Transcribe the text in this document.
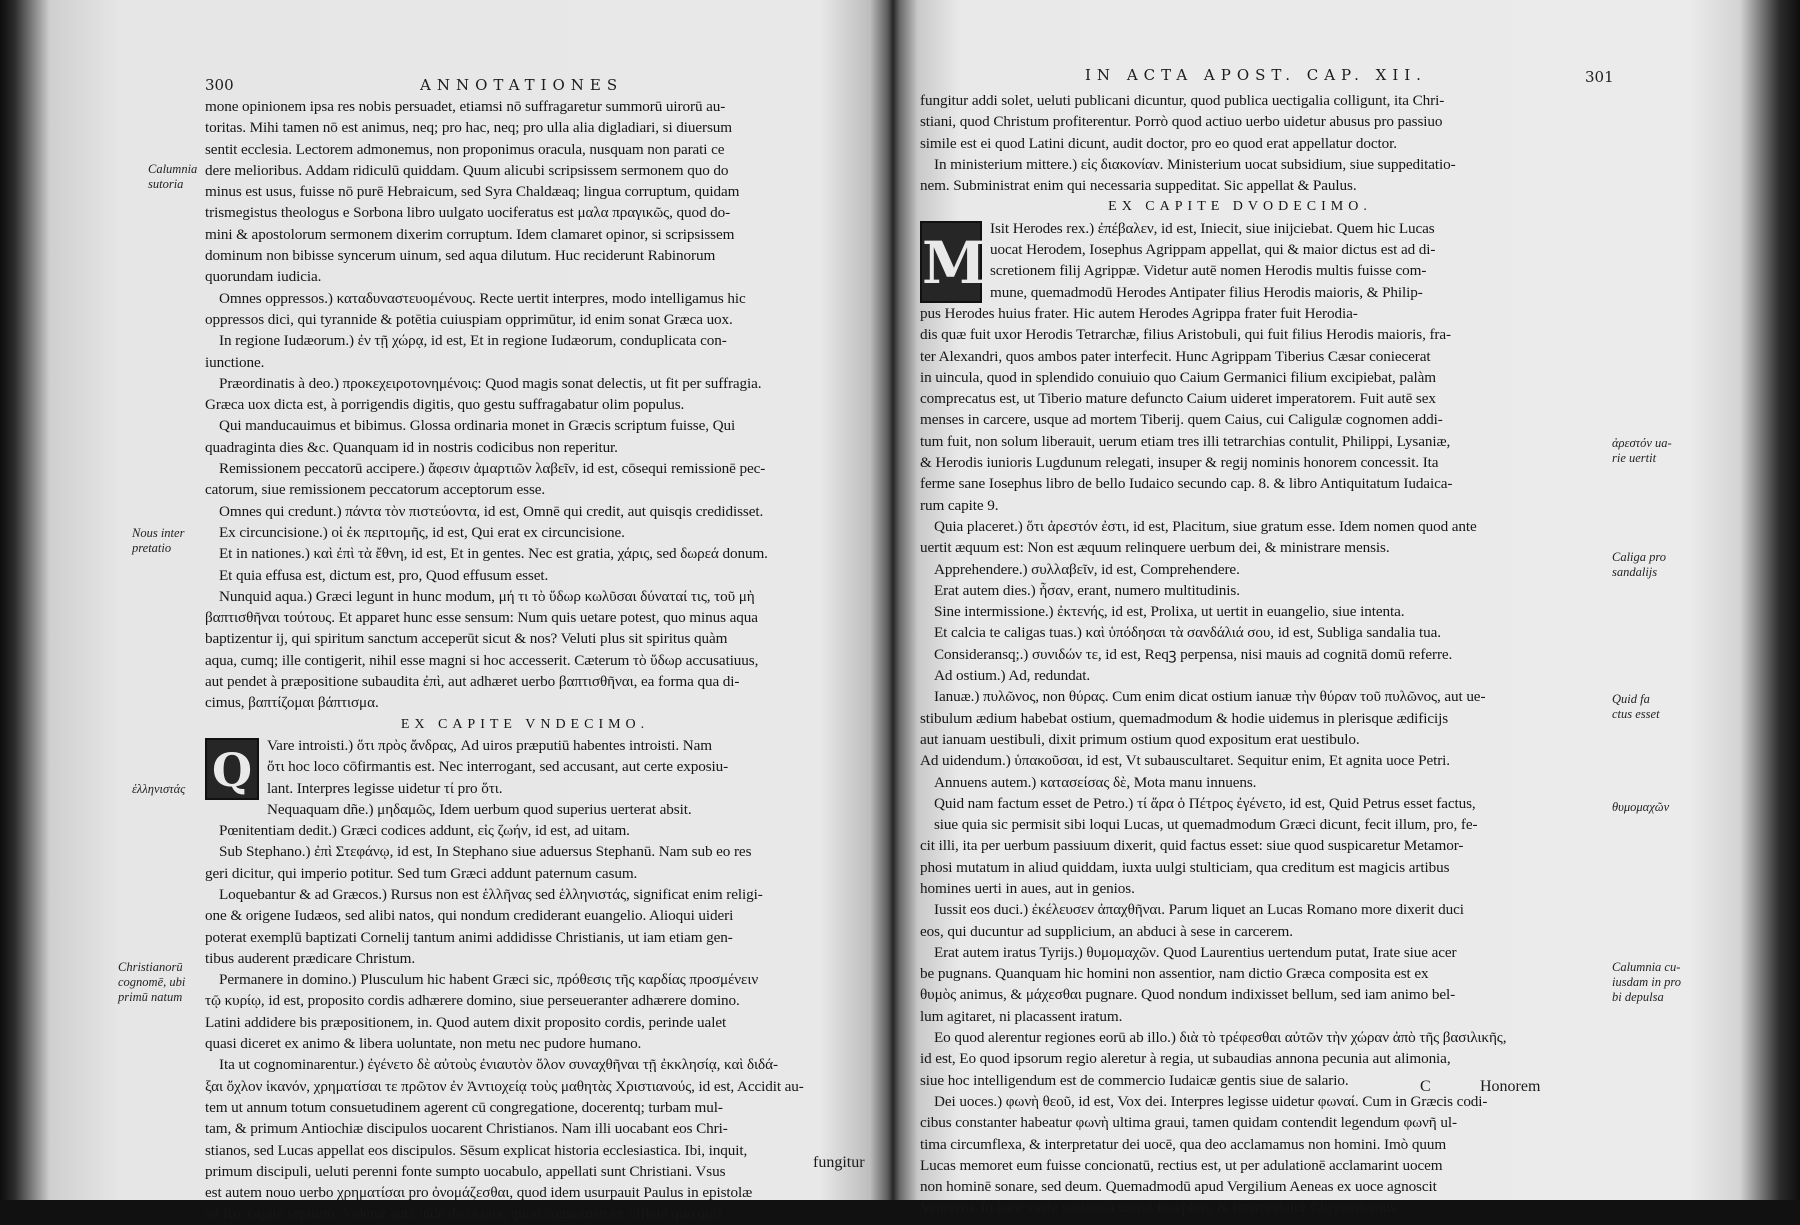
300	ANNOTATIONES
mone opinionem ipsa res nobis persuadet, etiamsi nō suffragaretur summorū uirorū au-
toritas. Mihi tamen nō est animus, neq; pro hac, neq; pro ulla alia digladiari, si diuersum
sentit ecclesia. Lectorem admonemus, non proponimus oracula, nusquam non parati ce
dere melioribus. Addam ridiculū quiddam. Quum alicubi scripsissem sermonem quo do
minus est usus, fuisse nō purē Hebraicum, sed Syra Chaldæaq; lingua corruptum, quidam
trismegistus theologus e Sorbona libro uulgato uociferatus est μαλα πραγικῶς, quod do-
mini & apostolorum sermonem dixerim corruptum. Idem clamaret opinor, si scripsissem
dominum non bibisse syncerum uinum, sed aqua dilutum. Huc reciderunt Rabinorum
quorundam iudicia.
Omnes oppressos.) καταδυναστευομένους. Recte uertit interpres, modo intelligamus hic
oppressos dici, qui tyrannide & potētia cuiuspiam opprimūtur, id enim sonat Græca uox.
In regione Iudæorum.) ἐν τῇ χώρᾳ, id est, Et in regione Iudæorum, conduplicata con-
iunctione.
Præordinatis à deo.) προκεχειροτονημένοις: Quod magis sonat delectis, ut fit per suffragia.
Græca uox dicta est, à porrigendis digitis, quo gestu suffragabatur olim populus.
Qui manducauimus et bibimus. Glossa ordinaria monet in Græcis scriptum fuisse, Qui
quadraginta dies &c. Quanquam id in nostris codicibus non reperitur.
Remissionem peccatorū accipere.) ἄφεσιν ἁμαρτιῶν λαβεῖν, id est, cōsequi remissionē pec-
catorum, siue remissionem peccatorum acceptorum esse.
Omnes qui credunt.) πάντα τὸν πιστεύοντα, id est, Omnē qui credit, aut quisqis credidisset.
Ex circuncisione.) οἱ ἐκ περιτομῆς, id est, Qui erat ex circuncisione.
Et in nationes.) καὶ ἐπὶ τὰ ἔθνη, id est, Et in gentes. Nec est gratia, χάρις, sed δωρεά donum.
Et quia effusa est, dictum est, pro, Quod effusum esset.
Nunquid aqua.) Græci legunt in hunc modum, μή τι τὸ ὕδωρ κωλῦσαι δύναταί τις, τοῦ μὴ
βαπτισθῆναι τούτους. Et apparet hunc esse sensum: Num quis uetare potest, quo minus aqua
baptizentur ij, qui spiritum sanctum acceperūt sicut & nos? Veluti plus sit spiritus quàm
aqua, cumq; ille contigerit, nihil esse magni si hoc accesserit. Cæterum τὸ ὕδωρ accusatiuus,
aut pendet à præpositione subaudita ἐπὶ, aut adhæret uerbo βαπτισθῆναι, ea forma qua di-
cimus, βαπτίζομαι βάπτισμα.
EX CAPITE VNDECIMO.
Q Vare introisti.) ὅτι πρὸς ἄνδρας, Ad uiros præputiū habentes introisti. Nam
ὅτι hoc loco cōfirmantis est. Nec interrogant, sed accusant, aut certe exposiu-
lant. Interpres legisse uidetur τί pro ὅτι.
Nequaquam dñe.) μηδαμῶς, Idem uerbum quod superius uerterat absit.
Pœnitentiam dedit.) Græci codices addunt, εἰς ζωήν, id est, ad uitam.
Sub Stephano.) ἐπὶ Στεφάνῳ, id est, In Stephano siue aduersus Stephanū. Nam sub eo res
geri dicitur, qui imperio potitur. Sed tum Græci addunt paternum casum.
Loquebantur & ad Græcos.) Rursus non est ἑλλῆνας sed ἑλληνιστάς, significat enim religi-
one & origene Iudæos, sed alibi natos, qui nondum crediderant euangelio. Alioqui uideri
poterat exemplū baptizati Cornelij tantum animi addidisse Christianis, ut iam etiam gen-
tibus auderent prædicare Christum.
Permanere in domino.) Plusculum hic habent Græci sic, πρόθεσις τῆς καρδίας προσμένειν
τῷ κυρίῳ, id est, proposito cordis adhærere domino, siue perseueranter adhærere domino.
Latini addidere bis præpositionem, in. Quod autem dixit proposito cordis, perinde ualet
quasi diceret ex animo & libera uoluntate, non metu nec pudore humano.
Ita ut cognominarentur.) ἐγένετο δὲ αὐτοὺς ἐνιαυτὸν ὅλον συναχθῆναι τῇ ἐκκλησίᾳ, καὶ διδά-
ξαι ὄχλον ἱκανόν, χρηματίσαι τε πρῶτον ἐν Ἀντιοχείᾳ τοὺς μαθητὰς Χριστιανούς, id est, Accidit au-
tem ut annum totum consuetudinem agerent cū congregatione, docerentq; turbam mul-
tam, & primum Antiochiæ discipulos uocarent Christianos. Nam illi uocabant eos Chri-
stianos, sed Lucas appellat eos discipulos. Sēsum explicat historia ecclesiastica. Ibi, inquit,
primum discipuli, ueluti perenni fonte sumpto uocabulo, appellati sunt Christiani. Vsus
est autem nouo uerbo χρηματίσαι pro ὀνομάζεσθαι, quod idem usurpauit Paulus in epistolæ
ad Ro. capite septimo. Videtur autē inde dicta uox, quod cognomen ex officio quo quis
fungitur
Calumnia
sutoria
Nous inter
pretatio
ἑλληνιστάς
Christianorū
cognomē, ubi
primū natum
IN ACTA APOST. CAP. XII.	301
fungitur addi solet, ueluti publicani dicuntur, quod publica uectigalia colligunt, ita Chri-
stiani, quod Christum profiterentur. Porrò quod actiuo uerbo uidetur abusus pro passiuo
simile est ei quod Latini dicunt, audit doctor, pro eo quod erat appellatur doctor.
In ministerium mittere.) εἰς διακονίαν. Ministerium uocat subsidium, siue suppeditatio-
nem. Subministrat enim qui necessaria suppeditat. Sic appellat & Paulus.
EX CAPITE DVODECIMO.
M
Isit Herodes rex.) ἐπέβαλεν, id est, Iniecit, siue inijciebat. Quem hic Lucas
uocat Herodem, Iosephus Agrippam appellat, qui & maior dictus est ad di-
scretionem filij Agrippæ. Videtur autē nomen Herodis multis fuisse com-
mune, quemadmodū Herodes Antipater filius Herodis maioris, & Philip-
pus Herodes huius frater. Hic autem Herodes Agrippa frater fuit Herodia-
dis quæ fuit uxor Herodis Tetrarchæ, filius Aristobuli, qui fuit filius Herodis maioris, fra-
ter Alexandri, quos ambos pater interfecit. Hunc Agrippam Tiberius Cæsar coniecerat
in uincula, quod in splendido conuiuio quo Caium Germanici filium excipiebat, palàm
comprecatus est, ut Tiberio mature defuncto Caium uideret imperatorem. Fuit autē sex
menses in carcere, usque ad mortem Tiberij. quem Caius, cui Caligulæ cognomen addi-
tum fuit, non solum liberauit, uerum etiam tres illi tetrarchias contulit, Philippi, Lysaniæ,
& Herodis iunioris Lugdunum relegati, insuper & regij nominis honorem concessit. Ita
ferme sane Iosephus libro de bello Iudaico secundo cap. 8. & libro Antiquitatum Iudaica-
rum capite 9.
Quia placeret.) ὅτι ἀρεστόν ἐστι, id est, Placitum, siue gratum esse. Idem nomen quod ante
uertit æquum est: Non est æquum relinquere uerbum dei, & ministrare mensis.
Apprehendere.) συλλαβεῖν, id est, Comprehendere.
Erat autem dies.) ἦσαν, erant, numero multitudinis.
Sine intermissione.) ἐκτενής, id est, Prolixa, ut uertit in euangelio, siue intenta.
Et calcia te caligas tuas.) καὶ ὑπόδησαι τὰ σανδάλιά σου, id est, Subliga sandalia tua.
Consideransq;.) συνιδών τε, id est, Reqꝫ perpensa, nisi mauis ad cognitā domū referre.
Ad ostium.) Ad, redundat.
Ianuæ.) πυλῶνος, non θύρας. Cum enim dicat ostium ianuæ τὴν θύραν τοῦ πυλῶνος, aut ue-
stibulum ædium habebat ostium, quemadmodum & hodie uidemus in plerisque ædificijs
aut ianuam uestibuli, dixit primum ostium quod expositum erat uestibulo.
Ad uidendum.) ὑπακοῦσαι, id est, Vt subauscultaret. Sequitur enim, Et agnita uoce Petri.
Annuens autem.) κατασείσας δὲ, Mota manu innuens.
Quid nam factum esset de Petro.) τί ἄρα ὁ Πέτρος ἐγένετο, id est, Quid Petrus esset factus,
siue quia sic permisit sibi loqui Lucas, ut quemadmodum Græci dicunt, fecit illum, pro, fe-
cit illi, ita per uerbum passiuum dixerit, quid factus esset: siue quod suspicaretur Metamor-
phosi mutatum in aliud quiddam, iuxta uulgi stulticiam, qua creditum est magicis artibus
homines uerti in aues, aut in genios.
Iussit eos duci.) ἐκέλευσεν ἀπαχθῆναι. Parum liquet an Lucas Romano more dixerit duci
eos, qui ducuntur ad supplicium, an abduci à sese in carcerem.
Erat autem iratus Tyrijs.) θυμομαχῶν. Quod Laurentius uertendum putat, Irate siue acer
be pugnans. Quanquam hic homini non assentior, nam dictio Græca composita est ex
θυμὸς animus, & μάχεσθαι pugnare. Quod nondum indixisset bellum, sed iam animo bel-
lum agitaret, ni placassent iratum.
Eo quod alerentur regiones eorū ab illo.) διὰ τὸ τρέφεσθαι αὐτῶν τὴν χώραν ἀπὸ τῆς βασιλικῆς,
id est, Eo quod ipsorum regio aleretur à regia, ut subaudias annona pecunia aut alimonia,
siue hoc intelligendum est de commercio Iudaicæ gentis siue de salario.
Dei uoces.) φωνὴ θεοῦ, id est, Vox dei. Interpres legisse uidetur φωναί. Cum in Græcis codi-
cibus constanter habeatur φωνὴ ultima graui, tamen quidam contendit legendum φωνῆ ul-
tima circumflexa, & interpretatur dei uocē, qua deo acclamamus non homini. Imò quum
Lucas memoret eum fuisse concionatū, rectius est, ut per adulationē acclamarint uocem
non hominē sonare, sed deum. Quemadmodū apud Vergilium Aeneas ex uoce agnoscit
Venerem. In hanc certe sententiā narrat Iosephus, & interpretatur Chrysostomus.
C	Honorem
ἀρεστόν ua-
rie uertit
Caliga pro
sandalijs
Quid fa
ctus esset
θυμομαχῶν
Calumnia cu-
iusdam in pro
bi depulsa
